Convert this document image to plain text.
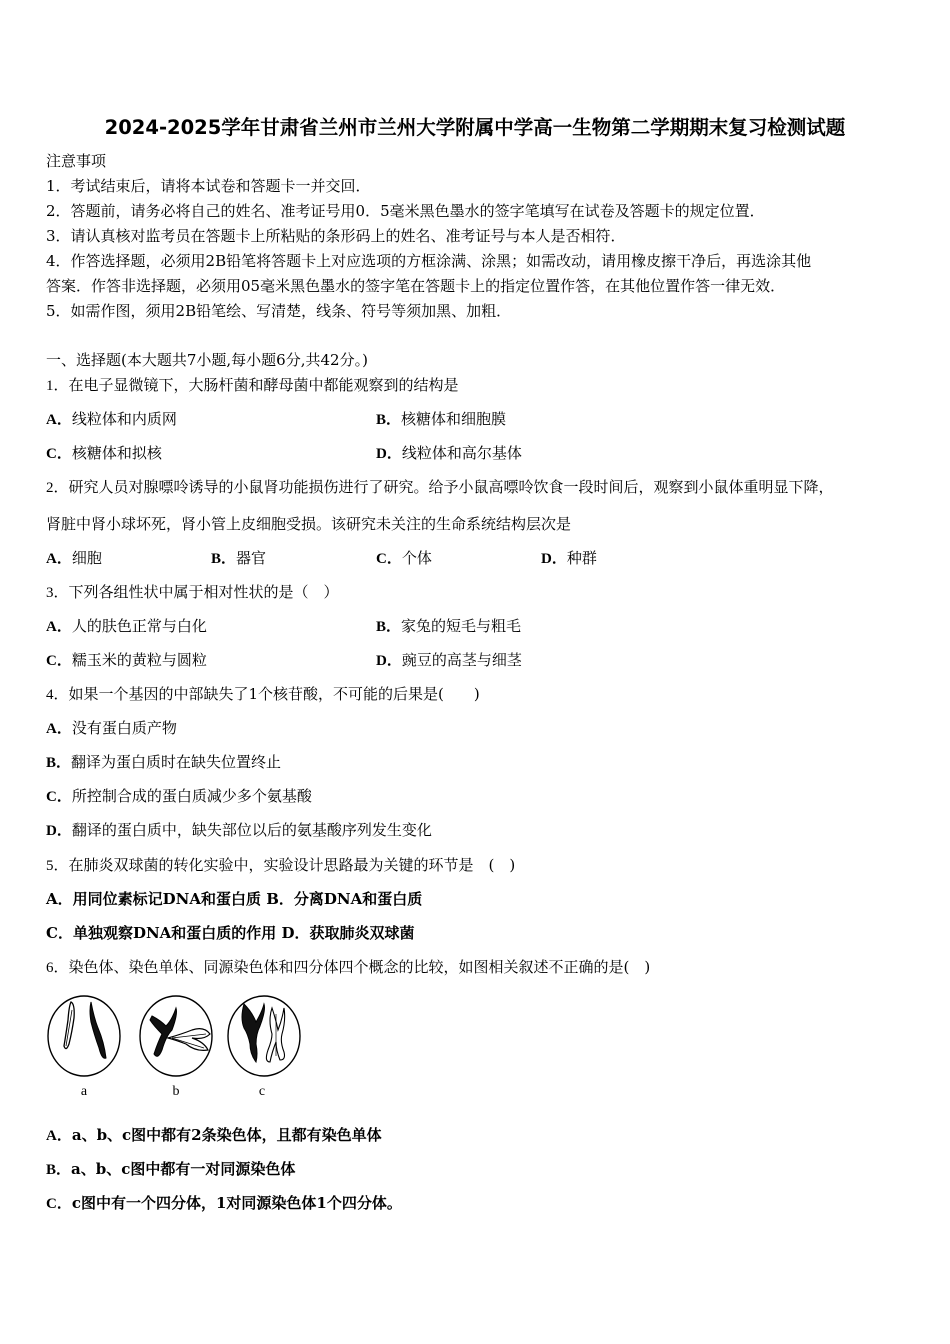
2024-2025学年甘肃省兰州市兰州大学附属中学高一生物第二学期期末复习检测试题
注意事项
1．考试结束后，请将本试卷和答题卡一并交回．
2．答题前，请务必将自己的姓名、准考证号用0．5毫米黑色墨水的签字笔填写在试卷及答题卡的规定位置．
3．请认真核对监考员在答题卡上所粘贴的条形码上的姓名、准考证号与本人是否相符．
4．作答选择题，必须用2B铅笔将答题卡上对应选项的方框涂满、涂黑；如需改动，请用橡皮擦干净后，再选涂其他
答案．作答非选择题，必须用05毫米黑色墨水的签字笔在答题卡上的指定位置作答，在其他位置作答一律无效．
5．如需作图，须用2B铅笔绘、写清楚，线条、符号等须加黑、加粗．
一、选择题(本大题共7小题,每小题6分,共42分。)
1．在电子显微镜下，大肠杆菌和酵母菌中都能观察到的结构是
A．线粒体和内质网	B．核糖体和细胞膜
C．核糖体和拟核	D．线粒体和高尔基体
2．研究人员对腺嘌呤诱导的小鼠肾功能损伤进行了研究。给予小鼠高嘌呤饮食一段时间后，观察到小鼠体重明显下降，
肾脏中肾小球坏死，肾小管上皮细胞受损。该研究未关注的生命系统结构层次是
A．细胞	B．器官	C．个体	D．种群
3．下列各组性状中属于相对性状的是（　）
A．人的肤色正常与白化	B．家兔的短毛与粗毛
C．糯玉米的黄粒与圆粒	D．豌豆的高茎与细茎
4．如果一个基因的中部缺失了1个核苷酸，不可能的后果是(　　)
A．没有蛋白质产物
B．翻译为蛋白质时在缺失位置终止
C．所控制合成的蛋白质减少多个氨基酸
D．翻译的蛋白质中，缺失部位以后的氨基酸序列发生变化
5．在肺炎双球菌的转化实验中，实验设计思路最为关键的环节是　(　)
A．用同位素标记DNA和蛋白质 B．分离DNA和蛋白质
C．单独观察DNA和蛋白质的作用 D．获取肺炎双球菌
6．染色体、染色单体、同源染色体和四分体四个概念的比较，如图相关叙述不正确的是(　)
a	b	c
A．a、b、c图中都有2条染色体，且都有染色单体
B．a、b、c图中都有一对同源染色体
C．c图中有一个四分体，1对同源染色体1个四分体。
